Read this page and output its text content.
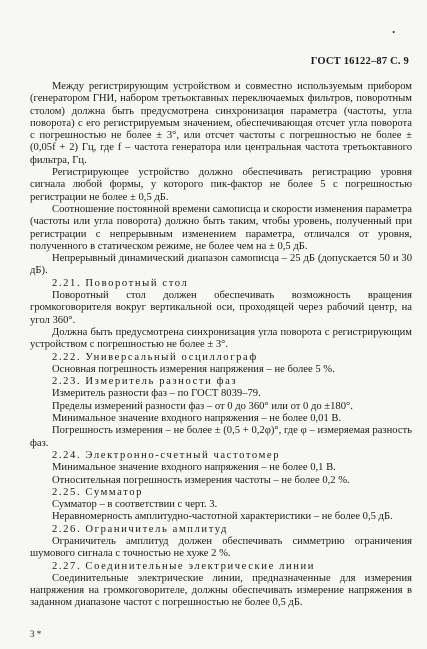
•
ГОСТ 16122–87 С. 9

Между регистрирующим устройством и совместно используемым прибором (генератором ГНИ, набором третьоктавных переключаемых фильтров, поворотным столом) должна быть предусмотрена синхронизация параметра (частоты, угла поворота) с его регистрируемым значением, обеспечивающая отсчет угла поворота с погрешностью не более ± 3°, или отсчет частоты с погрешностью не более ± (0,05f + 2) Гц, где f – частота генератора или центральная частота третьоктавного фильтра, Гц.

Регистрирующее устройство должно обеспечивать регистрацию уровня сигнала любой формы, у которого пик-фактор не более 5 с погрешностью регистрации не более ± 0,5 дБ.

Соотношение постоянной времени самописца и скорости изменения параметра (частоты или угла поворота) должно быть таким, чтобы уровень, полученный при регистрации с непрерывным изменением параметра, отличался от уровня, полученного в статическом режиме, не более чем на ± 0,5 дБ.

Непрерывный динамический диапазон самописца – 25 дБ (допускается 50 и 30 дБ).

2.21. Поворотный стол

Поворотный стол должен обеспечивать возможность вращения громкоговорителя вокруг вертикальной оси, проходящей через рабочий центр, на угол 360°.

Должна быть предусмотрена синхронизация угла поворота с регистрирующим устройством с погрешностью не более ± 3°.

2.22. Универсальный осциллограф

Основная погрешность измерения напряжения – не более 5 %.

2.23. Измеритель разности фаз

Измеритель разности фаз – по ГОСТ 8039–79.

Пределы измерений разности фаз – от 0 до 360° или от 0 до ±180°.

Минимальное значение входного напряжения – не более 0,01 В.

Погрешность измерения – не более ± (0,5 + 0,2φ)°, где φ – измеряемая разность фаз.

2.24. Электронно-счетный частотомер

Минимальное значение входного напряжения – не более 0,1 В.

Относительная погрешность измерения частоты – не более 0,2 %.

2.25. Сумматор

Сумматор – в соответствии с черт. 3.

Неравномерность амплитудно-частотной характеристики – не более 0,5 дБ.

2.26. Ограничитель амплитуд

Ограничитель амплитуд должен обеспечивать симметрию ограничения шумового сигнала с точностью не хуже 2 %.

2.27. Соединительные электрические линии

Соединительные электрические линии, предназначенные для измерения напряжения на громкоговорителе, должны обеспечивать измерение напряжения в заданном диапазоне частот с погрешностью не более 0,5 дБ.

3 *
